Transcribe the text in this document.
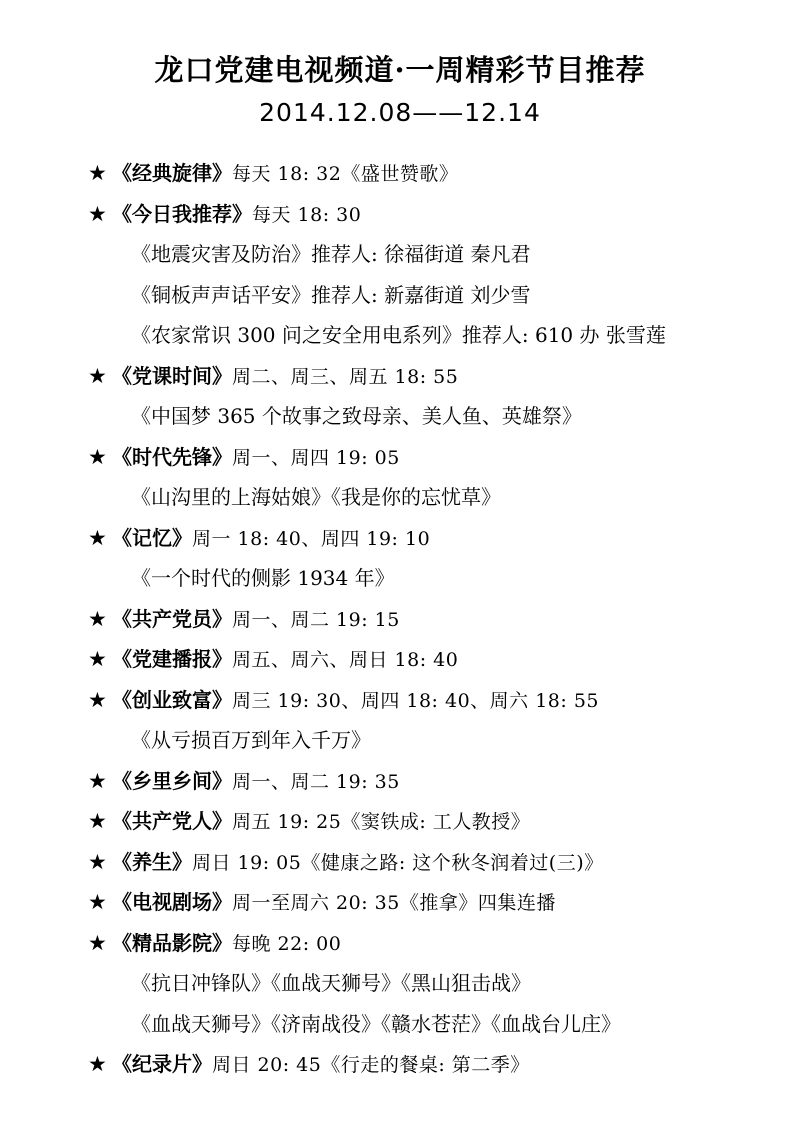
龙口党建电视频道·一周精彩节目推荐
2014.12.08——12.14
★ 《经典旋律》每天 18: 32《盛世赞歌》
★ 《今日我推荐》每天 18: 30
《地震灾害及防治》推荐人: 徐福街道 秦凡君
《铜板声声话平安》推荐人: 新嘉街道 刘少雪
《农家常识 300 问之安全用电系列》推荐人: 610 办 张雪莲
★ 《党课时间》周二、周三、周五 18: 55
《中国梦 365 个故事之致母亲、美人鱼、英雄祭》
★ 《时代先锋》周一、周四 19: 05
《山沟里的上海姑娘》《我是你的忘忧草》
★ 《记忆》周一 18: 40、周四 19: 10
《一个时代的侧影 1934 年》
★ 《共产党员》周一、周二 19: 15
★ 《党建播报》周五、周六、周日 18: 40
★ 《创业致富》周三 19: 30、周四 18: 40、周六 18: 55
《从亏损百万到年入千万》
★ 《乡里乡间》周一、周二 19: 35
★ 《共产党人》周五 19: 25《窦铁成: 工人教授》
★ 《养生》周日 19: 05《健康之路: 这个秋冬润着过(三)》
★ 《电视剧场》周一至周六 20: 35《推拿》四集连播
★ 《精品影院》每晚 22: 00
《抗日冲锋队》《血战天狮号》《黑山狙击战》
《血战天狮号》《济南战役》《赣水苍茫》《血战台儿庄》
★ 《纪录片》周日 20: 45《行走的餐桌: 第二季》
